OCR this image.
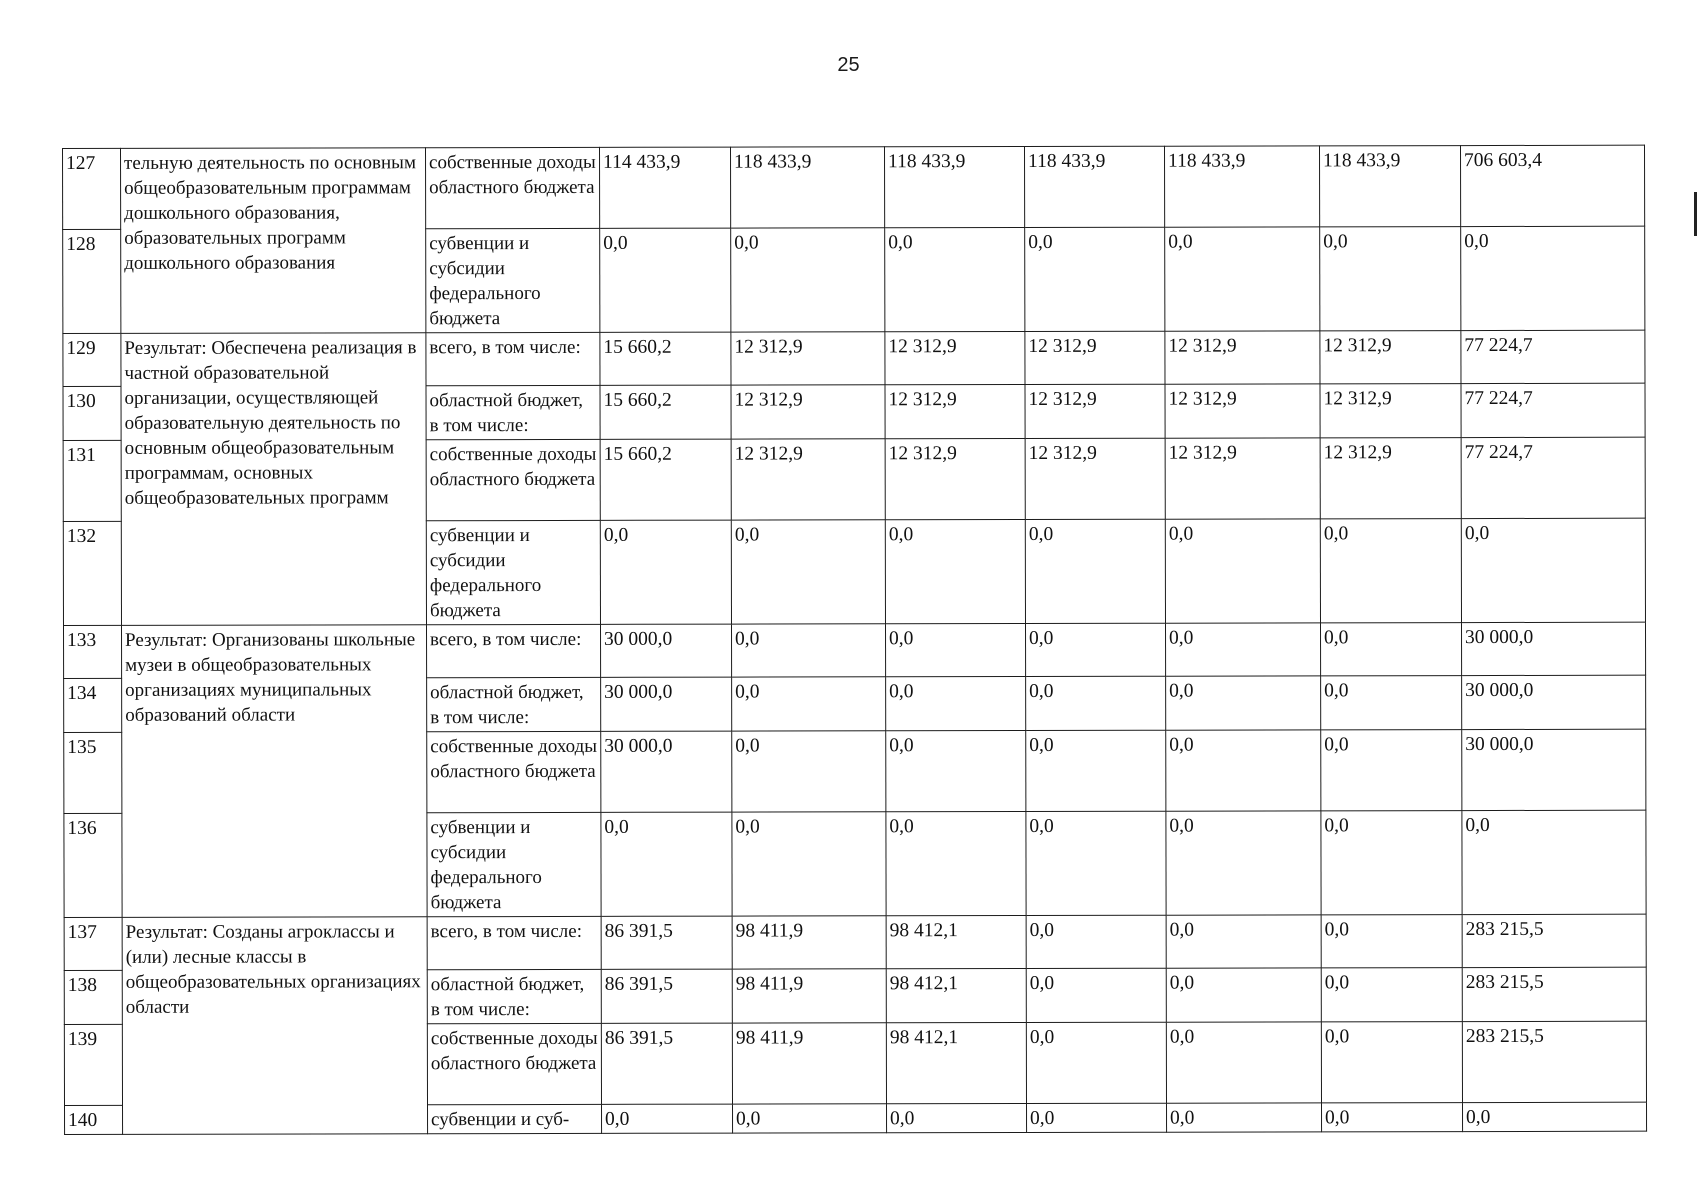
25
127	тельную деятельность по основным общеобразовательным программам дошкольного образования, образовательных программ дошкольного образования	собственные доходы областного бюджета	114 433,9	118 433,9	118 433,9	118 433,9	118 433,9	118 433,9	706 603,4
128		субвенции и субсидии федерального бюджета	0,0	0,0	0,0	0,0	0,0	0,0	0,0
129	Результат: Обеспечена реализация в частной образовательной организации, осуществляющей образовательную деятельность по основным общеобразовательным программам, основных общеобразовательных программ	всего, в том числе:	15 660,2	12 312,9	12 312,9	12 312,9	12 312,9	12 312,9	77 224,7
130		областной бюджет, в том числе:	15 660,2	12 312,9	12 312,9	12 312,9	12 312,9	12 312,9	77 224,7
131		собственные доходы областного бюджета	15 660,2	12 312,9	12 312,9	12 312,9	12 312,9	12 312,9	77 224,7
132		субвенции и субсидии федерального бюджета	0,0	0,0	0,0	0,0	0,0	0,0	0,0
133	Результат: Организованы школьные музеи в общеобразовательных организациях муниципальных образований области	всего, в том числе:	30 000,0	0,0	0,0	0,0	0,0	0,0	30 000,0
134		областной бюджет, в том числе:	30 000,0	0,0	0,0	0,0	0,0	0,0	30 000,0
135		собственные доходы областного бюджета	30 000,0	0,0	0,0	0,0	0,0	0,0	30 000,0
136		субвенции и субсидии федерального бюджета	0,0	0,0	0,0	0,0	0,0	0,0	0,0
137	Результат: Созданы агроклассы и (или) лесные классы в общеобразовательных организациях области	всего, в том числе:	86 391,5	98 411,9	98 412,1	0,0	0,0	0,0	283 215,5
138		областной бюджет, в том числе:	86 391,5	98 411,9	98 412,1	0,0	0,0	0,0	283 215,5
139		собственные доходы областного бюджета	86 391,5	98 411,9	98 412,1	0,0	0,0	0,0	283 215,5
140		субвенции и суб-	0,0	0,0	0,0	0,0	0,0	0,0	0,0
